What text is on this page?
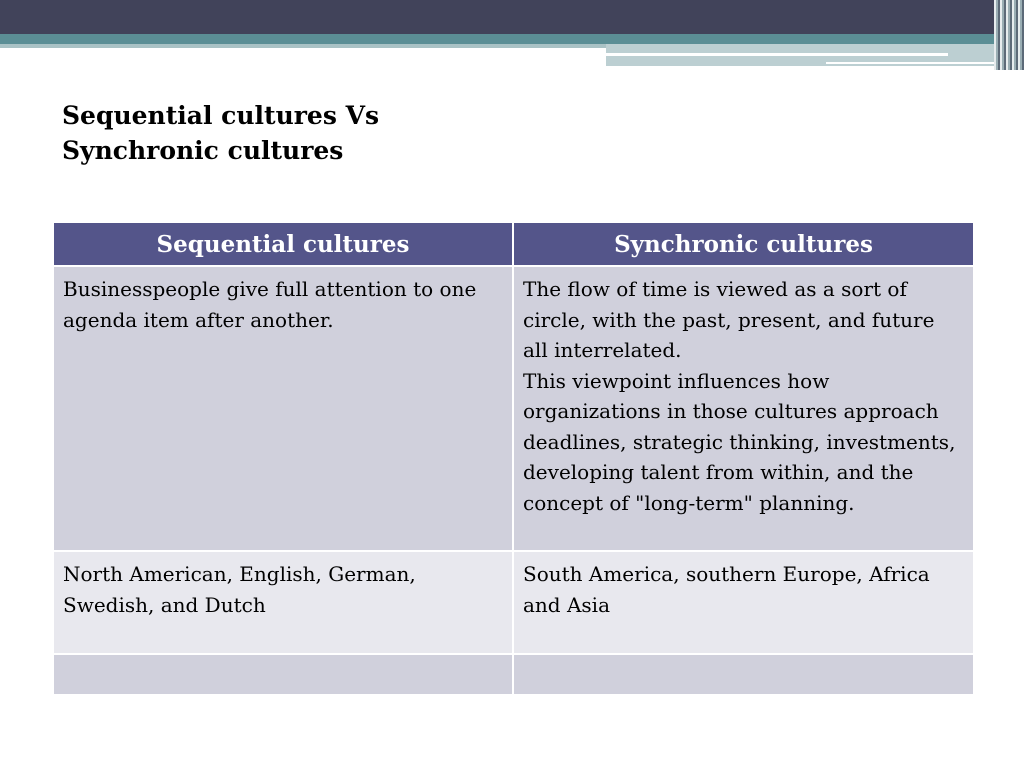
Sequential cultures Vs
Synchronic cultures
Sequential cultures	Synchronic cultures
Businesspeople give full attention to one agenda item after another.	The flow of time is viewed as a sort of circle, with the past, present, and future all interrelated.
This viewpoint influences how organizations in those cultures approach deadlines, strategic thinking, investments, developing talent from within, and the concept of "long-term" planning.
North American, English, German, Swedish, and Dutch	South America, southern Europe, Africa and Asia
